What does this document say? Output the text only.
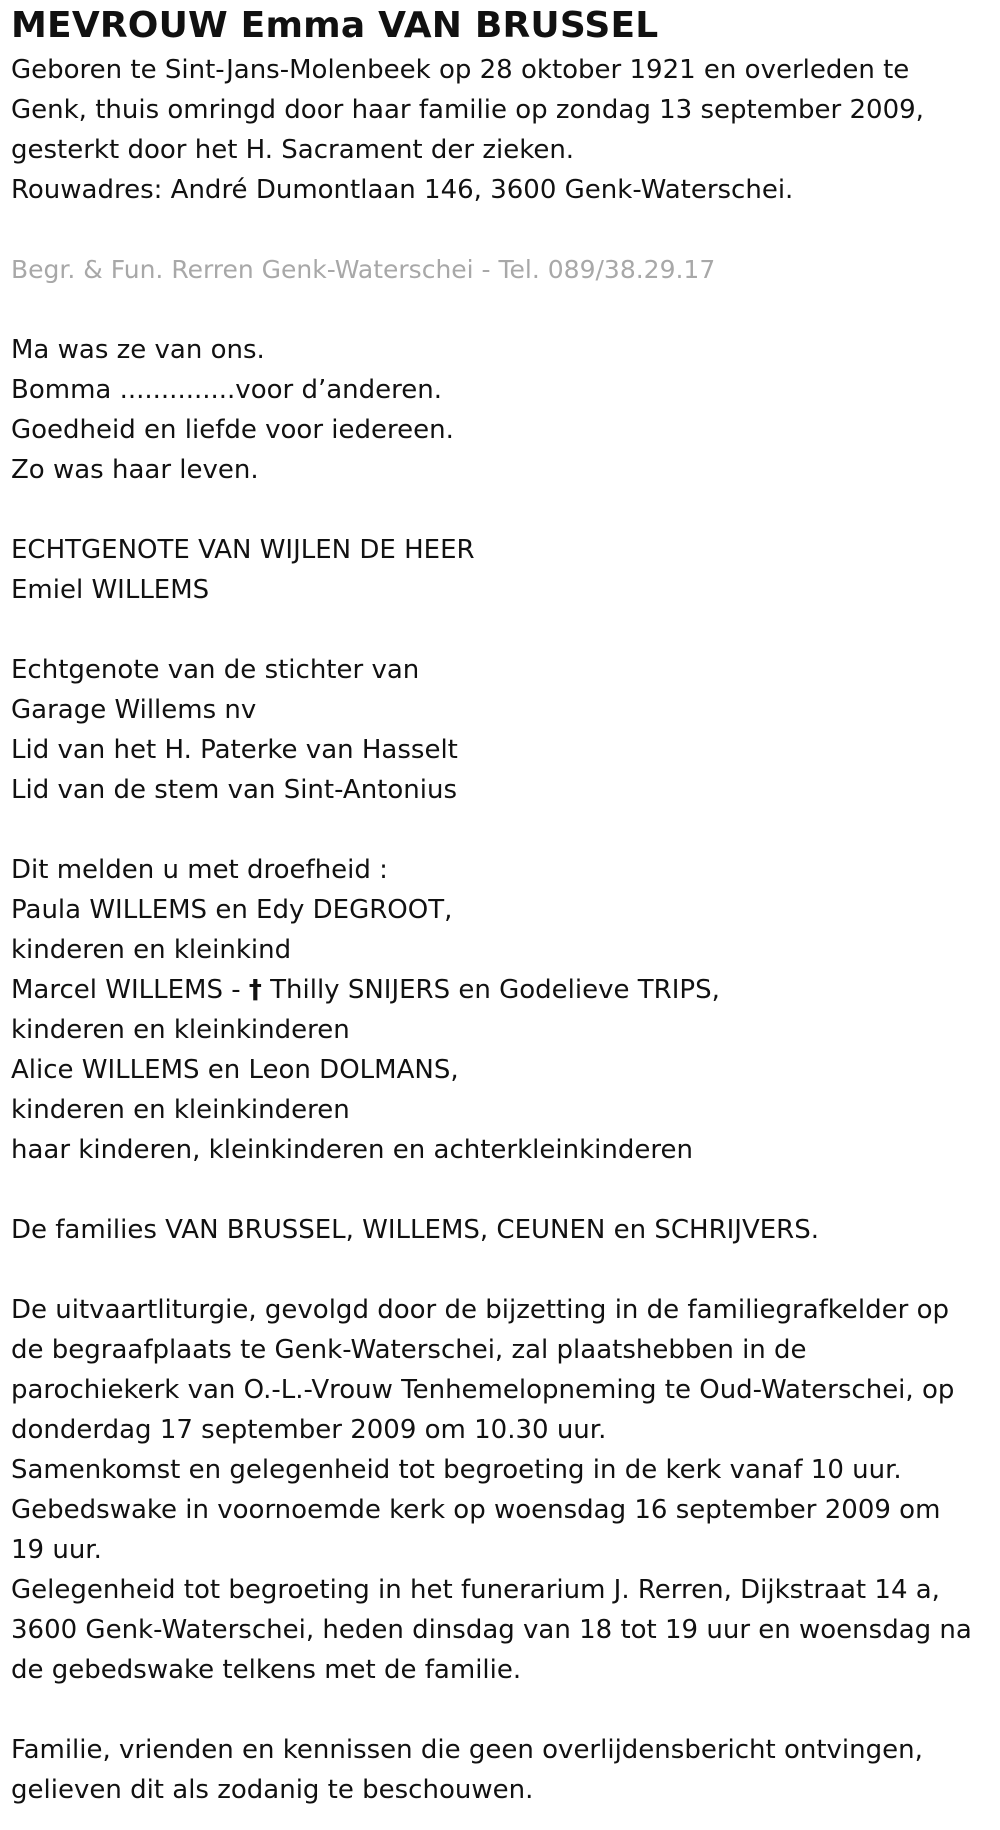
MEVROUW Emma VAN BRUSSEL
Geboren te Sint-Jans-Molenbeek op 28 oktober 1921 en overleden te
Genk, thuis omringd door haar familie op zondag 13 september 2009,
gesterkt door het H. Sacrament der zieken.
Rouwadres: André Dumontlaan 146, 3600 Genk-Waterschei.
Begr. & Fun. Rerren Genk-Waterschei - Tel. 089/38.29.17
Ma was ze van ons.
Bomma ..............voor d’anderen.
Goedheid en liefde voor iedereen.
Zo was haar leven.
ECHTGENOTE VAN WIJLEN DE HEER
Emiel WILLEMS
Echtgenote van de stichter van
Garage Willems nv
Lid van het H. Paterke van Hasselt
Lid van de stem van Sint-Antonius
Dit melden u met droefheid :
Paula WILLEMS en Edy DEGROOT,
kinderen en kleinkind
Marcel WILLEMS - † Thilly SNIJERS en Godelieve TRIPS,
kinderen en kleinkinderen
Alice WILLEMS en Leon DOLMANS,
kinderen en kleinkinderen
haar kinderen, kleinkinderen en achterkleinkinderen
De families VAN BRUSSEL, WILLEMS, CEUNEN en SCHRIJVERS.
De uitvaartliturgie, gevolgd door de bijzetting in de familiegrafkelder op
de begraafplaats te Genk-Waterschei, zal plaatshebben in de
parochiekerk van O.-L.-Vrouw Tenhemelopneming te Oud-Waterschei, op
donderdag 17 september 2009 om 10.30 uur.
Samenkomst en gelegenheid tot begroeting in de kerk vanaf 10 uur.
Gebedswake in voornoemde kerk op woensdag 16 september 2009 om
19 uur.
Gelegenheid tot begroeting in het funerarium J. Rerren, Dijkstraat 14 a,
3600 Genk-Waterschei, heden dinsdag van 18 tot 19 uur en woensdag na
de gebedswake telkens met de familie.
Familie, vrienden en kennissen die geen overlijdensbericht ontvingen,
gelieven dit als zodanig te beschouwen.
